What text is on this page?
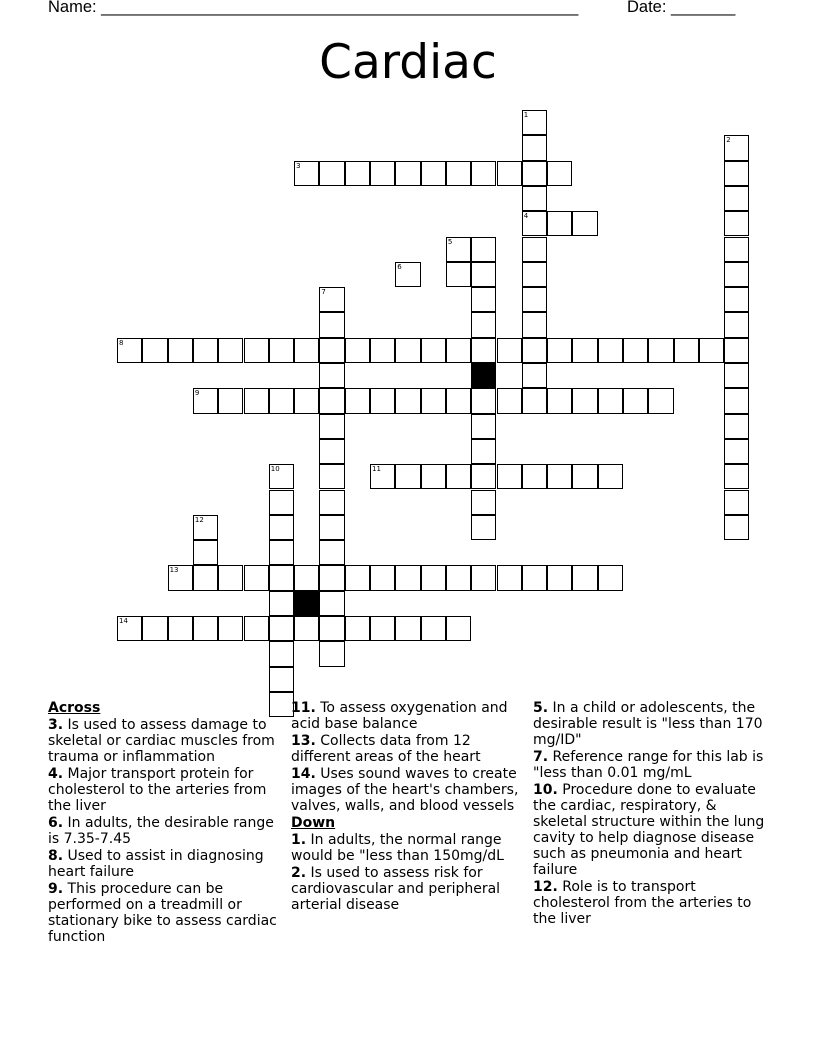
Name: ____________________________________________________	Date: _______
Cardiac
1
4
2
3
7
8
9
10	11
12
13
14
5
6
Across
3. Is used to assess damage to skeletal or cardiac muscles from trauma or inflammation
4. Major transport protein for cholesterol to the arteries from the liver
6. In adults, the desirable range is 7.35-7.45
8. Used to assist in diagnosing heart failure
9. This procedure can be performed on a treadmill or stationary bike to assess cardiac function
11. To assess oxygenation and acid base balance
13. Collects data from 12 different areas of the heart
14. Uses sound waves to create images of the heart's chambers, valves, walls, and blood vessels
Down
1. In adults, the normal range would be "less than 150mg/dL
2. Is used to assess risk for cardiovascular and peripheral arterial disease
5. In a child or adolescents, the desirable result is "less than 170 mg/ID"
7. Reference range for this lab is "less than 0.01 mg/mL
10. Procedure done to evaluate the cardiac, respiratory, & skeletal structure within the lung cavity to help diagnose disease such as pneumonia and heart failure
12. Role is to transport cholesterol from the arteries to the liver
